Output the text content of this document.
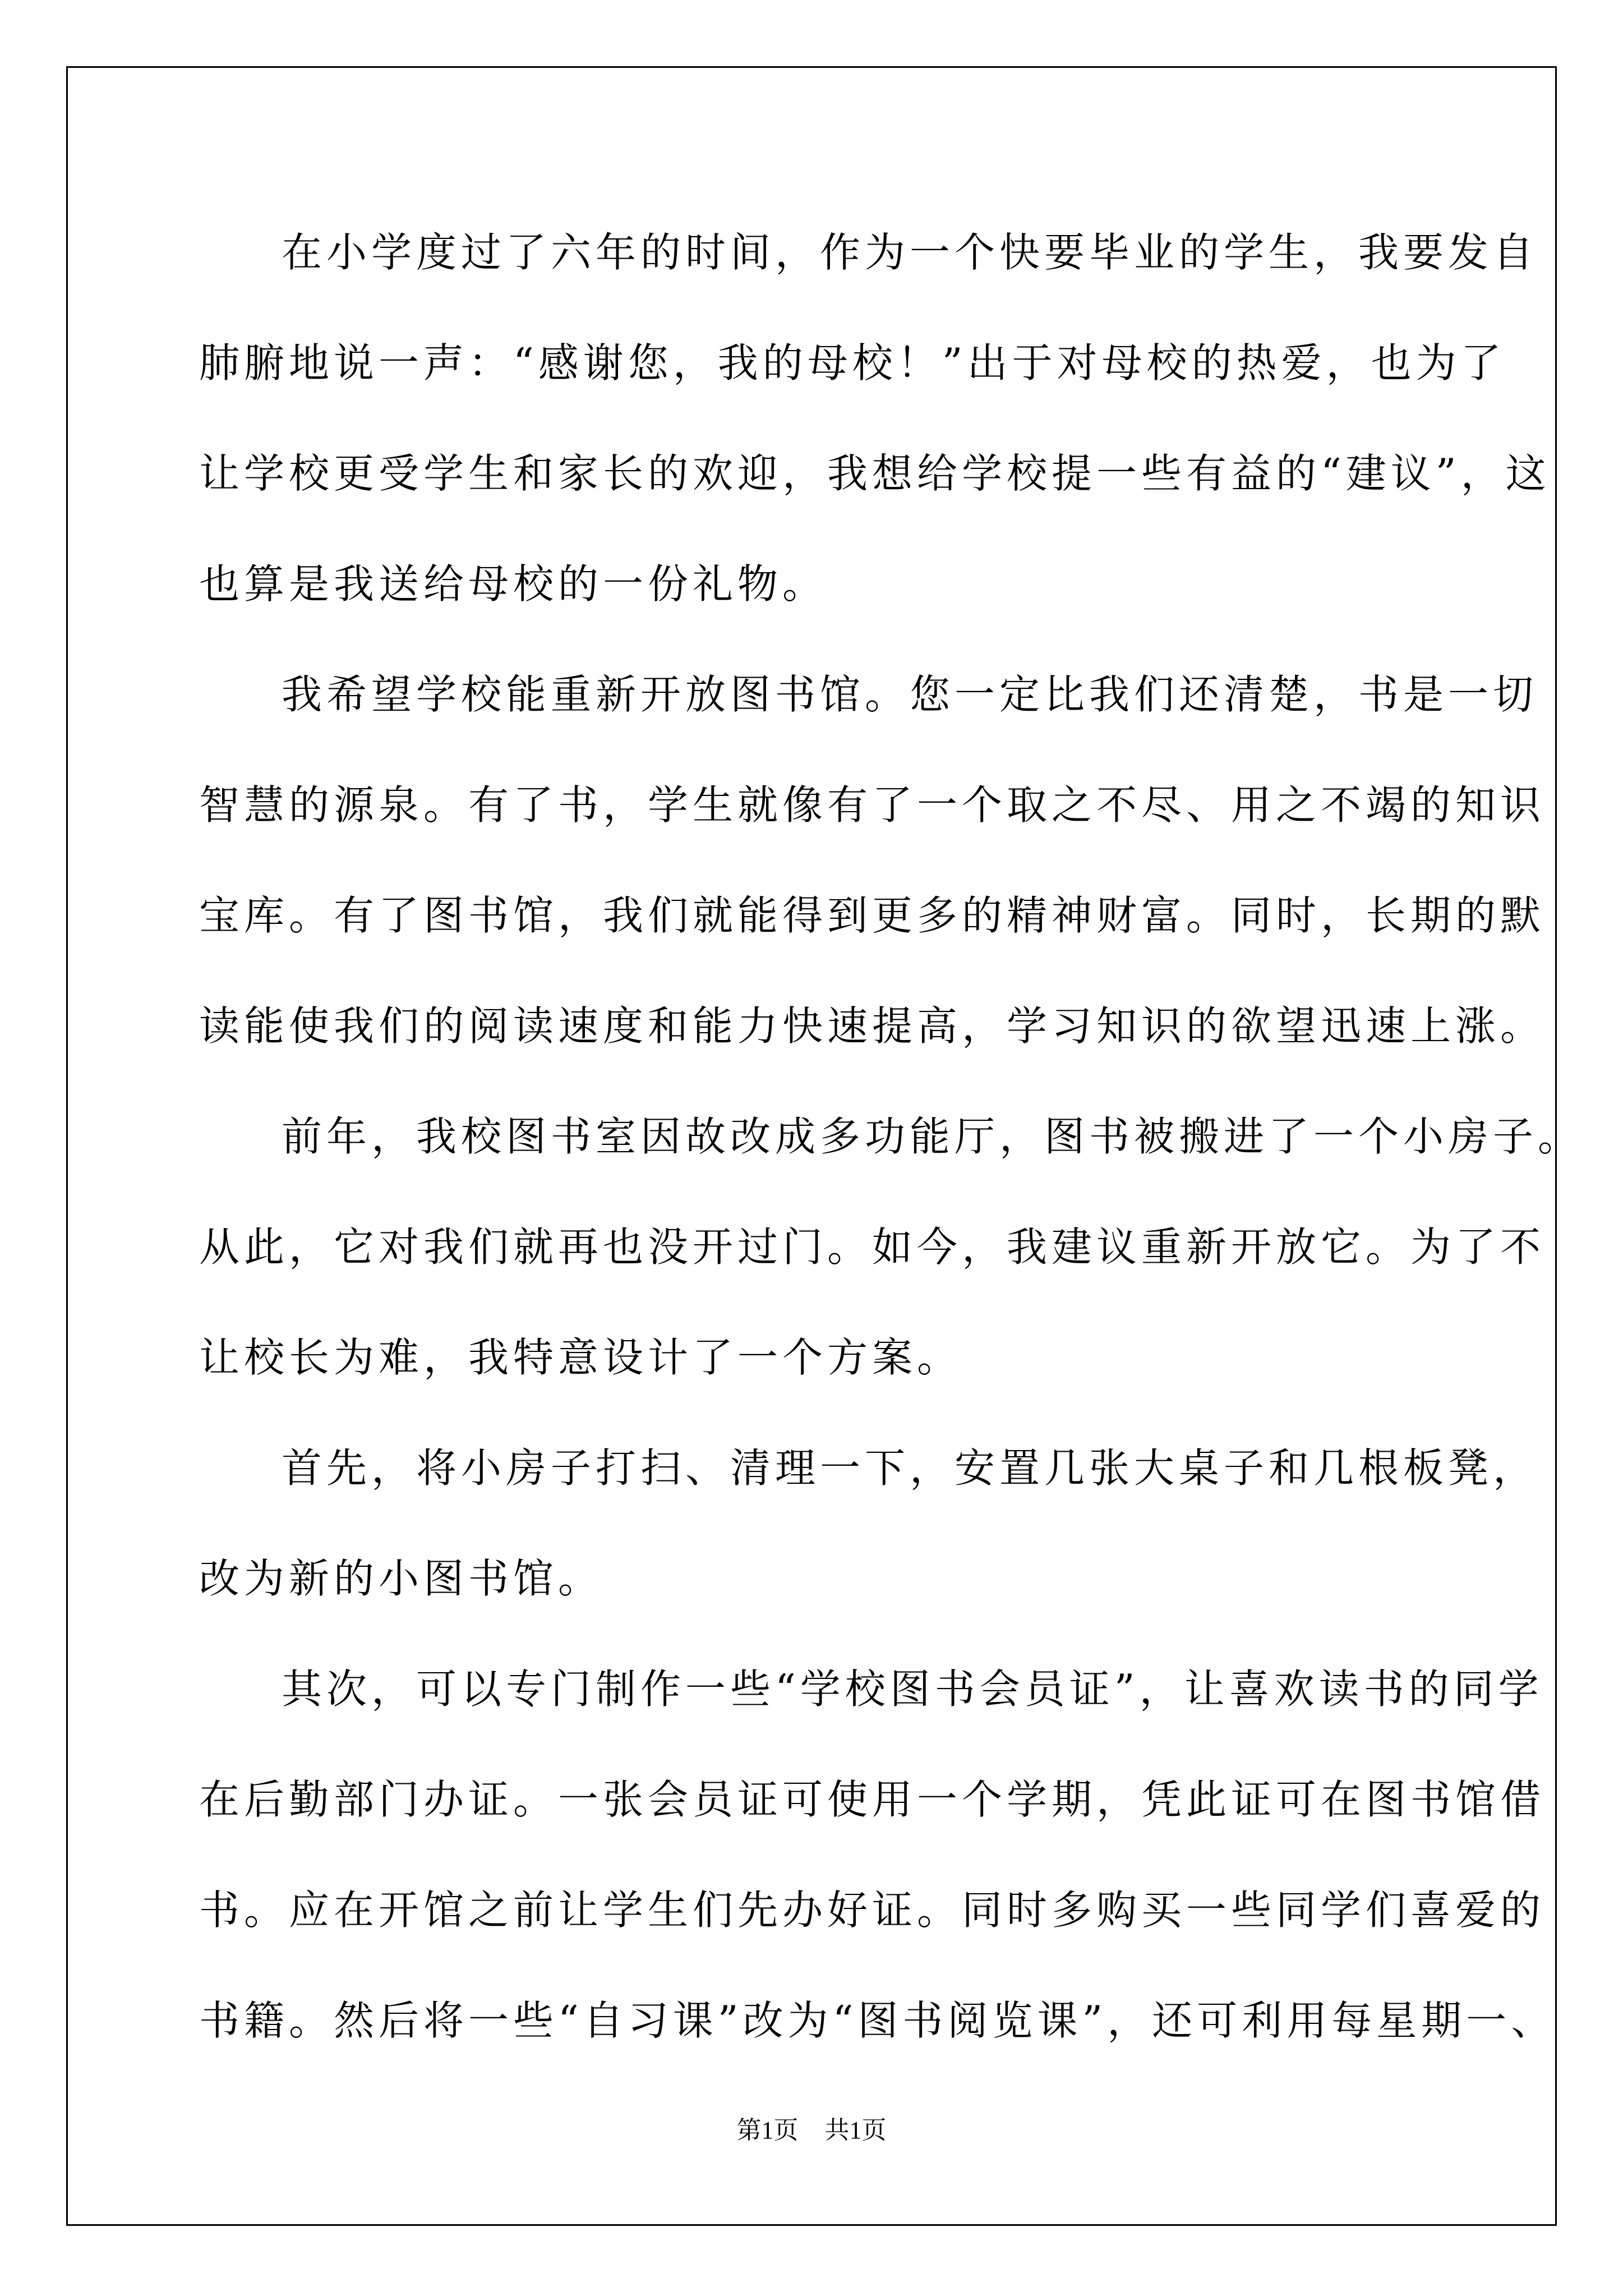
在小学度过了六年的时间，作为一个快要毕业的学生，我要发自
肺腑地说一声：“感谢您，我的母校！”出于对母校的热爱，也为了
让学校更受学生和家长的欢迎，我想给学校提一些有益的“建议”，这
也算是我送给母校的一份礼物。
我希望学校能重新开放图书馆。您一定比我们还清楚，书是一切
智慧的源泉。有了书，学生就像有了一个取之不尽、用之不竭的知识
宝库。有了图书馆，我们就能得到更多的精神财富。同时，长期的默
读能使我们的阅读速度和能力快速提高，学习知识的欲望迅速上涨。
前年，我校图书室因故改成多功能厅，图书被搬进了一个小房子。
从此，它对我们就再也没开过门。如今，我建议重新开放它。为了不
让校长为难，我特意设计了一个方案。
首先，将小房子打扫、清理一下，安置几张大桌子和几根板凳，
改为新的小图书馆。
其次，可以专门制作一些“学校图书会员证”，让喜欢读书的同学
在后勤部门办证。一张会员证可使用一个学期，凭此证可在图书馆借
书。应在开馆之前让学生们先办好证。同时多购买一些同学们喜爱的
书籍。然后将一些“自习课”改为“图书阅览课”，还可利用每星期一、
第1页 共1页
